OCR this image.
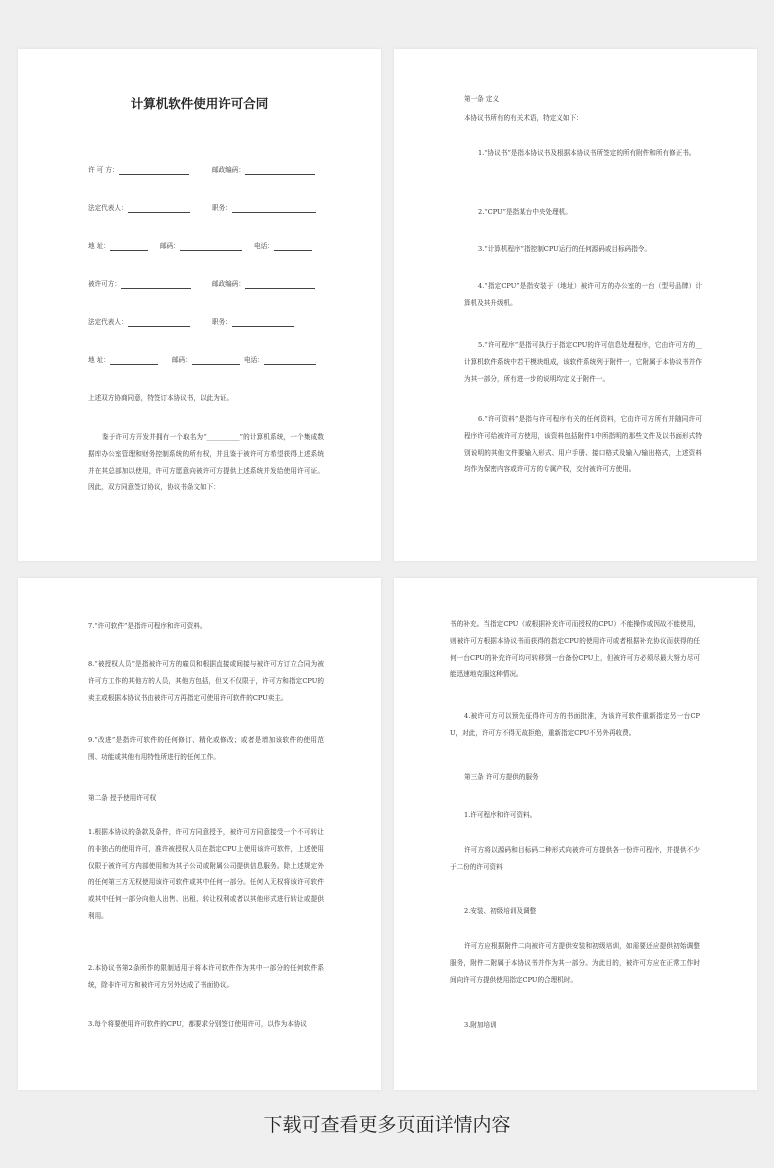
计算机软件使用许可合同
许 可 方：	邮政编码：
法定代表人：	职务：
地 址：	邮码：	电话：
被许可方：	邮政编码：
法定代表人：	职务：
地 址：	邮码：	电话：
上述双方协商同意，特签订本协议书，以此为证。
鉴于许可方开发并拥有一个取名为“__________”的计算机系统，一个集成数据库办公室管理和财务控制系统的所有权，并且鉴于被许可方希望获得上述系统并在其总部加以使用，许可方愿意向被许可方提供上述系统并发给使用许可证。因此，双方同意签订协议，协议书条文如下：
第一条 定义
本协议书所有的有关术语，特定义如下：
1.“协议书”是指本协议书及根据本协议书所签定的所有附件和所有修正书。
2.“CPU”是指某台中央处理机。
3.“计算机程序”指控制CPU运行的任何源码或目标码指令。
4.“指定CPU”是指安装于（地址）被许可方的办公室的一台（型号品牌）计算机及其升级机。
5.“许可程序”是指可执行于指定CPU的许可信息处理程序，它由许可方的__计算机软件系统中若干模块组成，该软件系统列于附件一，它附属于本协议书并作为其一部分，所有进一步的说明均定义于附件一。
6.“许可资料”是指与许可程序有关的任何资料，它由许可方所有并随同许可程序许可给被许可方使用，该资料包括附件1中所指明的那些文件及以书面形式特别说明的其他文件要输入形式、用户手册、接口格式及输入/输出格式，上述资料均作为保密内容或许可方的专属产权，交付被许可方使用。
7.“许可软件”是指许可程序和许可资料。
8.“被授权人员”是指被许可方的雇员和根据直接或间接与被许可方订立合同为被许可方工作的其他方的人员，其他方包括，但又不仅限于，许可方和指定CPU的卖主或根据本协议书由被许可方再指定可使用许可软件的CPU卖主。
9.“改进”是指许可软件的任何修订、精化或修改；或者是增加该软件的使用范围、功能或其他有用特性所进行的任何工作。
第二条 授予使用许可权
1.根据本协议的条款及条件，许可方同意授予，被许可方同意接受一个不可转让的非独占的使用许可，准许被授权人员在指定CPU上使用该许可软件，上述使用仅限于被许可方内部使用和为其子公司或附属公司提供信息服务。除上述规定外的任何第三方无权使用该许可软件或其中任何一部分。任何人无权将该许可软件或其中任何一部分向他人出售、出租、转让权利或者以其他形式进行转让或提供利用。
2.本协议书第2条所作的限制适用于将本许可软件作为其中一部分的任何软件系统，除非许可方和被许可方另外达成了书面协议。
3.每个将要使用许可软件的CPU，都要求分别签订使用许可，以作为本协议
书的补充。当指定CPU（或根据补充许可而授权的CPU）不能操作或因故不能使用，则被许可方根据本协议书而获得的指定CPU的使用许可或者根据补充协议而获得的任何一台CPU的补充许可均可转移到一台备份CPU上，但被许可方必须尽最大努力尽可能迅速地克服这种情况。
4.被许可方可以预先征得许可方的书面批准，为该许可软件重新指定另一台CPU，对此，许可方不得无故拒绝，重新指定CPU不另外再收费。
第三条 许可方提供的服务
1.许可程序和许可资料。
许可方将以源码和目标码二种形式向被许可方提供各一份许可程序，并提供不少于二份的许可资料
2.安装、初级培训及调整
许可方应根据附件二向被许可方提供安装和初级培训，如需要还应提供初始调整服务，附件二附属于本协议书并作为其一部分。为此目的，被许可方应在正常工作时间向许可方提供使用指定CPU的合理机时。
3.附加培训
下载可查看更多页面详情内容
